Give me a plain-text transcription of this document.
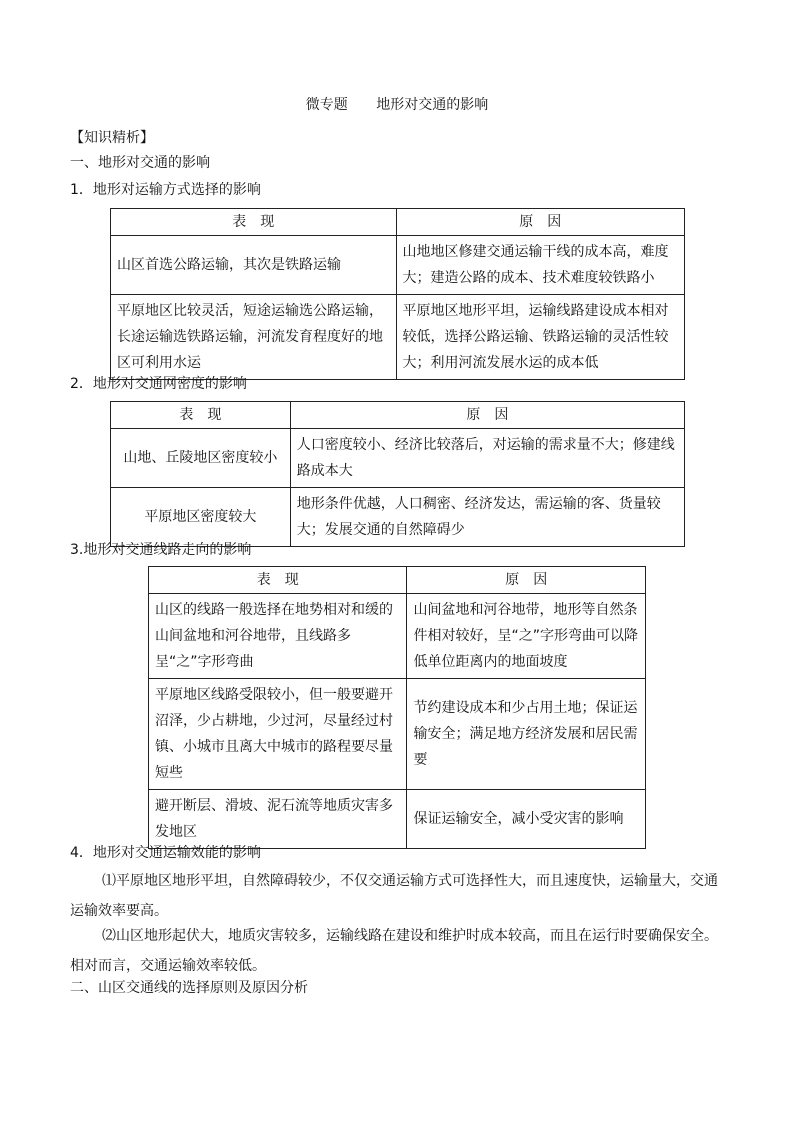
微专题 地形对交通的影响
【知识精析】
一、地形对交通的影响
1．地形对运输方式选择的影响
表　现	原　因
山区首选公路运输，其次是铁路运输	山地地区修建交通运输干线的成本高，难度大；建造公路的成本、技术难度较铁路小
平原地区比较灵活，短途运输选公路运输，长途运输选铁路运输，河流发育程度好的地区可利用水运	平原地区地形平坦，运输线路建设成本相对较低，选择公路运输、铁路运输的灵活性较大；利用河流发展水运的成本低
2．地形对交通网密度的影响
表　现	原　因
山地、丘陵地区密度较小	人口密度较小、经济比较落后，对运输的需求量不大；修建线路成本大
平原地区密度较大	地形条件优越，人口稠密、经济发达，需运输的客、货量较大；发展交通的自然障碍少
3.地形对交通线路走向的影响
表　现	原　因
山区的线路一般选择在地势相对和缓的山间盆地和河谷地带，且线路多呈“之”字形弯曲	山间盆地和河谷地带，地形等自然条件相对较好，呈“之”字形弯曲可以降低单位距离内的地面坡度
平原地区线路受限较小，但一般要避开沼泽，少占耕地，少过河，尽量经过村镇、小城市且离大中城市的路程要尽量短些	节约建设成本和少占用土地；保证运输安全；满足地方经济发展和居民需要
避开断层、滑坡、泥石流等地质灾害多发地区	保证运输安全，减小受灾害的影响
4．地形对交通运输效能的影响
⑴平原地区地形平坦，自然障碍较少，不仅交通运输方式可选择性大，而且速度快，运输量大，交通运输效率要高。
⑵山区地形起伏大，地质灾害较多，运输线路在建设和维护时成本较高，而且在运行时要确保安全。相对而言，交通运输效率较低。
二、山区交通线的选择原则及原因分析
